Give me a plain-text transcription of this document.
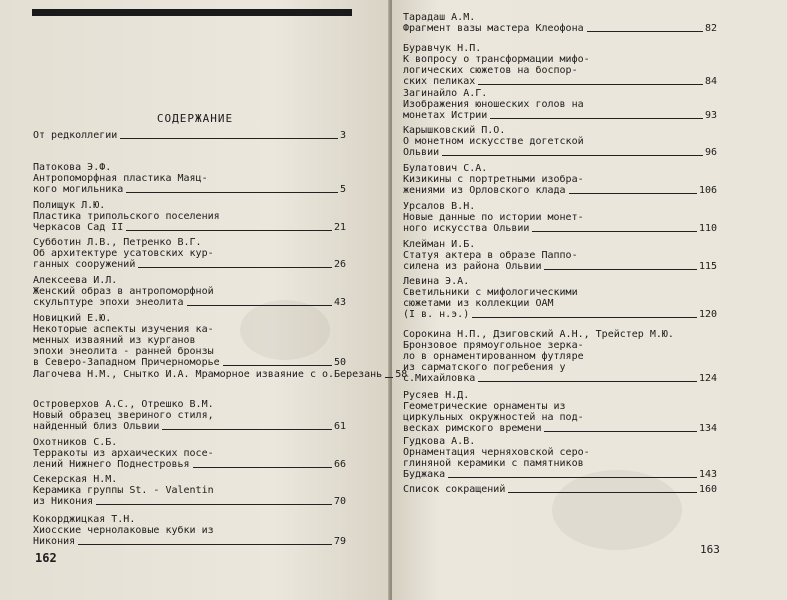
СОДЕРЖАНИЕ
162
163
От редколлегии	3
Патокова Э.Ф.
Антропоморфная пластика Маяц-
кого могильника	5
Полищук Л.Ю.
Пластика трипольского поселения
Черкасов Сад II	21
Субботин Л.В., Петренко В.Г.
Об архитектуре усатовских кур-
ганных сооружений	26
Алексеева И.Л.
Женский образ в антропоморфной
скульптуре эпохи энеолита	43
Новицкий Е.Ю.
Некоторые аспекты изучения ка-
менных изваяний из курганов
эпохи энеолита - ранней бронзы
в Северо-Западном Причерноморье	50
Лагочева Н.М., Снытко И.А. Мраморное изваяние с о.Березань 58
Островерхов А.С., Отрешко В.М.
Новый образец звериного стиля,
найденный близ Ольвии	61
Охотников С.Б.
Терракоты из архаических посе-
лений Нижнего Поднестровья	66
Секерская Н.М.
Керамика группы St. - Valentin
из Никония	70
Кокорджицкая Т.Н.
Хиосские чернолаковые кубки из
Никония	79
Тарадаш А.М.
Фрагмент вазы мастера Клеофона	82
Буравчук Н.П.
К вопросу о трансформации мифо-
логических сюжетов на боспор-
ских пеликах	84
Загинайло А.Г.
Изображения юношеских голов на
монетах Истрии	93
Карышковский П.О.
О монетном искусстве догетской
Ольвии	96
Булатович С.А.
Кизикины с портретными изобра-
жениями из Орловского клада	106
Урсалов В.Н.
Новые данные по истории монет-
ного искусства Ольвии	110
Клейман И.Б.
Статуя актера в образе Паппо-
силена из района Ольвии	115
Левина Э.А.
Светильники с мифологическими
сюжетами из коллекции ОАМ
(I в. н.э.)	120
Сорокина Н.П., Дзиговский А.Н., Трейстер М.Ю.
Бронзовое прямоугольное зерка-
ло в орнаментированном футляре
из сарматского погребения у
с.Михайловка	124
Русяев Н.Д.
Геометрические орнаменты из
циркульных окружностей на под-
весках римского времени	134
Гудкова А.В.
Орнаментация черняховской серо-
глиняной керамики с памятников
Буджака	143
Список сокращений	160
